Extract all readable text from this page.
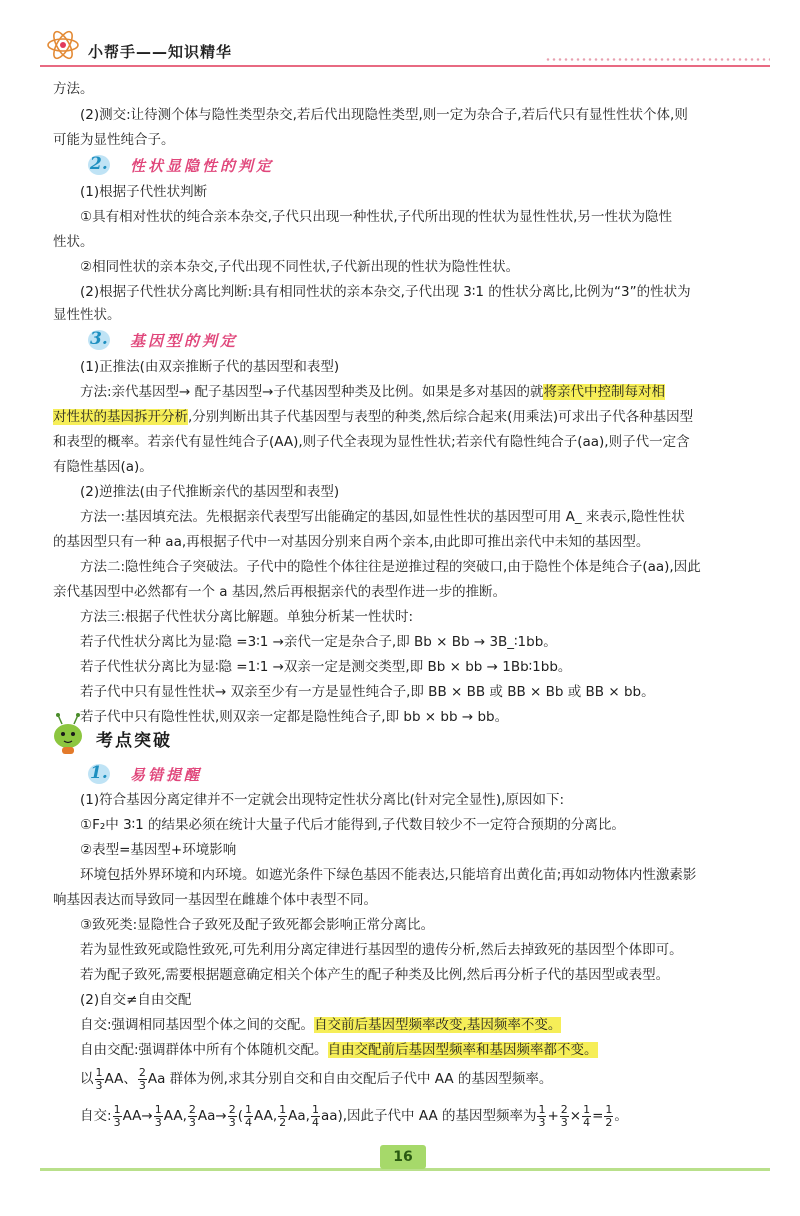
小帮手——知识精华
方法。
(2)测交:让待测个体与隐性类型杂交,若后代出现隐性类型,则一定为杂合子,若后代只有显性性状个体,则
可能为显性纯合子。
2. 性状显隐性的判定
(1)根据子代性状判断
①具有相对性状的纯合亲本杂交,子代只出现一种性状,子代所出现的性状为显性性状,另一性状为隐性
性状。
②相同性状的亲本杂交,子代出现不同性状,子代新出现的性状为隐性性状。
(2)根据子代性状分离比判断:具有相同性状的亲本杂交,子代出现 3∶1 的性状分离比,比例为“3”的性状为
显性性状。
3. 基因型的判定
(1)正推法(由双亲推断子代的基因型和表型)
方法:亲代基因型→ 配子基因型→子代基因型种类及比例。如果是多对基因的就将亲代中控制每对相
对性状的基因拆开分析,分别判断出其子代基因型与表型的种类,然后综合起来(用乘法)可求出子代各种基因型
和表型的概率。若亲代有显性纯合子(AA),则子代全表现为显性性状;若亲代有隐性纯合子(aa),则子代一定含
有隐性基因(a)。
(2)逆推法(由子代推断亲代的基因型和表型)
方法一:基因填充法。先根据亲代表型写出能确定的基因,如显性性状的基因型可用 A_ 来表示,隐性性状
的基因型只有一种 aa,再根据子代中一对基因分别来自两个亲本,由此即可推出亲代中未知的基因型。
方法二:隐性纯合子突破法。子代中的隐性个体往往是逆推过程的突破口,由于隐性个体是纯合子(aa),因此
亲代基因型中必然都有一个 a 基因,然后再根据亲代的表型作进一步的推断。
方法三:根据子代性状分离比解题。单独分析某一性状时:
若子代性状分离比为显∶隐 =3∶1 →亲代一定是杂合子,即 Bb × Bb → 3B_∶1bb。
若子代性状分离比为显∶隐 =1∶1 →双亲一定是测交类型,即 Bb × bb → 1Bb∶1bb。
若子代中只有显性性状→ 双亲至少有一方是显性纯合子,即 BB × BB 或 BB × Bb 或 BB × bb。
若子代中只有隐性性状,则双亲一定都是隐性纯合子,即 bb × bb → bb。
考点突破
1. 易错提醒
(1)符合基因分离定律并不一定就会出现特定性状分离比(针对完全显性),原因如下:
①F₂中 3∶1 的结果必须在统计大量子代后才能得到,子代数目较少不一定符合预期的分离比。
②表型=基因型+环境影响
环境包括外界环境和内环境。如遮光条件下绿色基因不能表达,只能培育出黄化苗;再如动物体内性激素影
响基因表达而导致同一基因型在雌雄个体中表型不同。
③致死类:显隐性合子致死及配子致死都会影响正常分离比。
若为显性致死或隐性致死,可先利用分离定律进行基因型的遗传分析,然后去掉致死的基因型个体即可。
若为配子致死,需要根据题意确定相关个体产生的配子种类及比例,然后再分析子代的基因型或表型。
(2)自交≠自由交配
自交:强调相同基因型个体之间的交配。自交前后基因型频率改变,基因频率不变。
自由交配:强调群体中所有个体随机交配。自由交配前后基因型频率和基因频率都不变。
以 $\frac{1}{3}$ AA、 $\frac{2}{3}$ Aa 群体为例,求其分别自交和自由交配后子代中 AA 的基因型频率。
自交: $\frac{1}{3} AA\to \frac{1}{3}$ AA, $\frac{2}{3} Aa\to \frac{2}{3}$ ( $\frac{1}{4}$ AA, $\frac{1}{2} Aa$, $\frac{1}{4} aa$),因此子代中 AA 的基因型频率为 $\frac{1}{3} + \frac{2}{3} \times \frac{1}{4} = \frac{1}{2}$ 。
16
